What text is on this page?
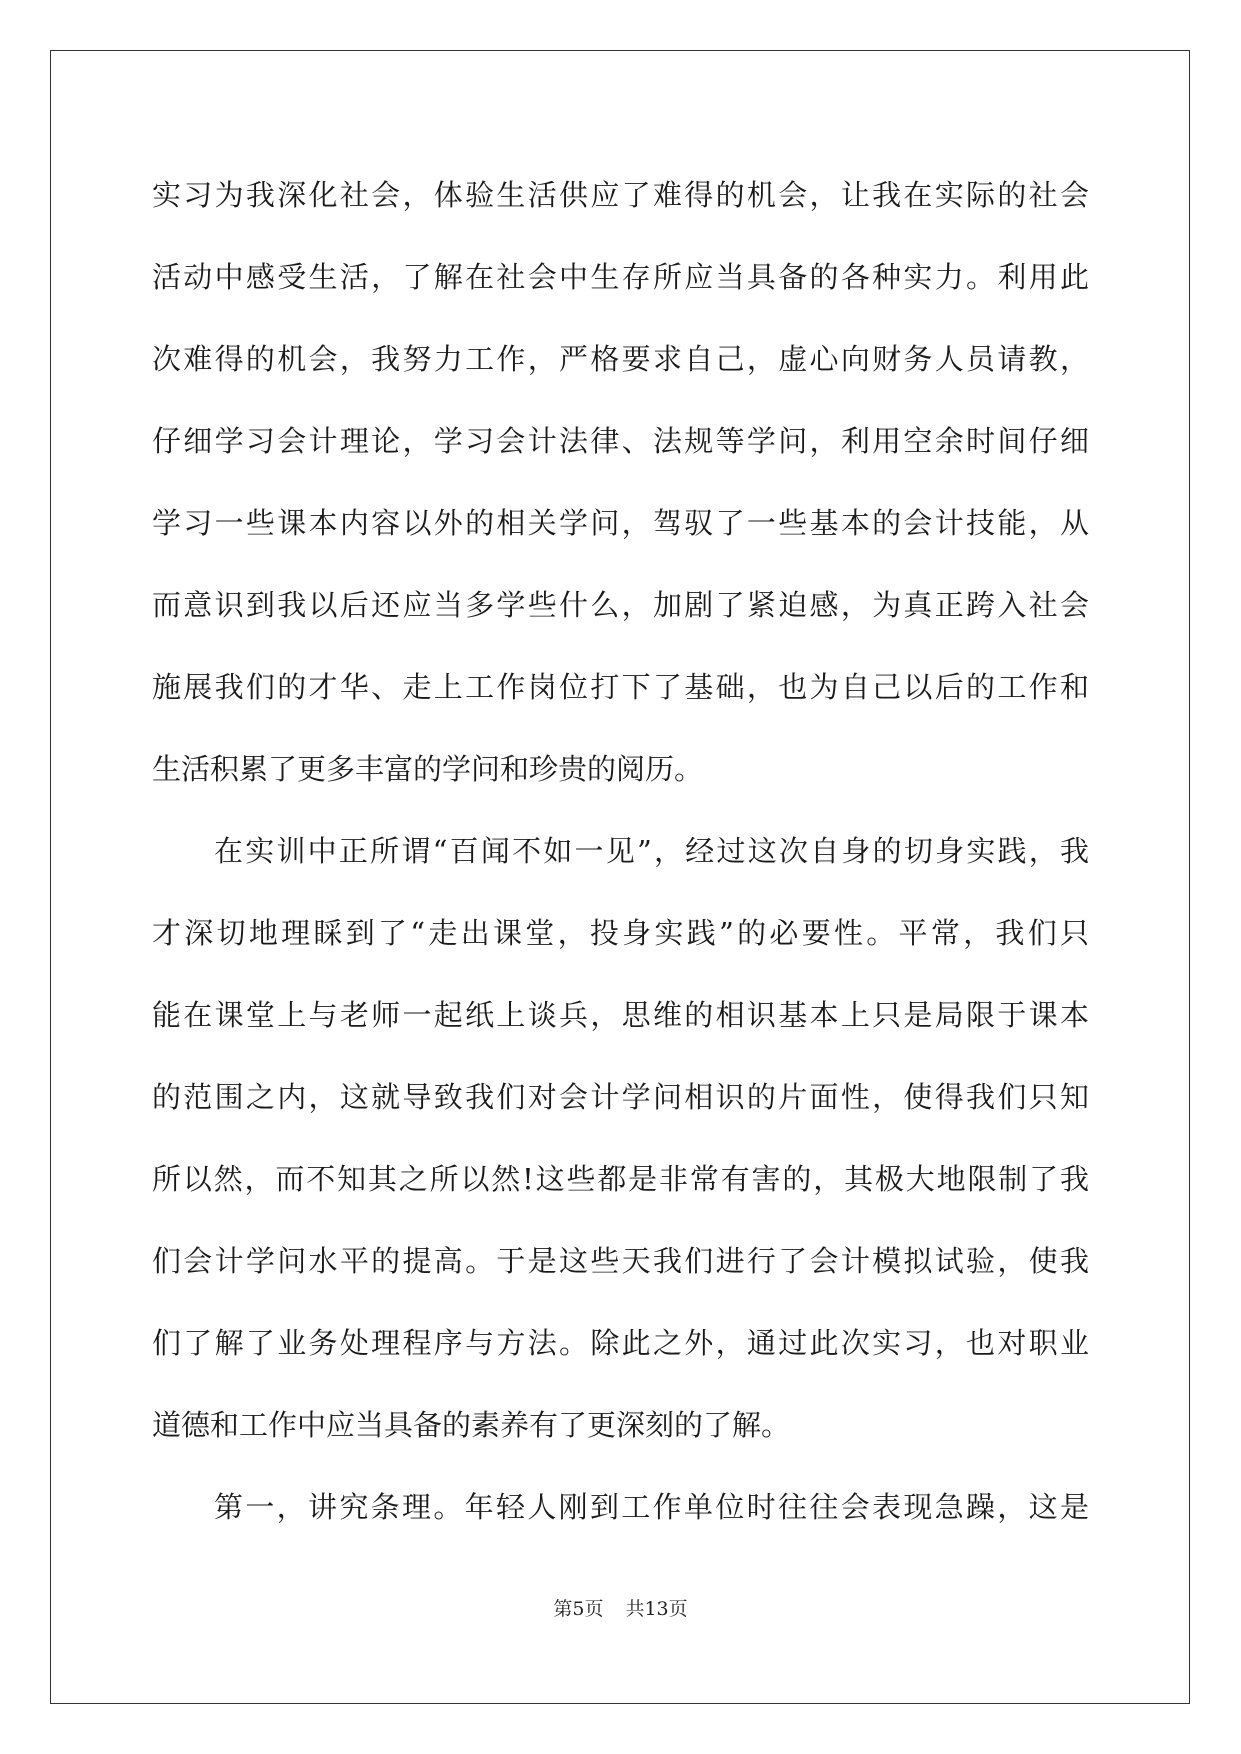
实习为我深化社会，体验生活供应了难得的机会，让我在实际的社会
活动中感受生活，了解在社会中生存所应当具备的各种实力。利用此
次难得的机会，我努力工作，严格要求自己，虚心向财务人员请教，
仔细学习会计理论，学习会计法律、法规等学问，利用空余时间仔细
学习一些课本内容以外的相关学问，驾驭了一些基本的会计技能，从
而意识到我以后还应当多学些什么，加剧了紧迫感，为真正跨入社会
施展我们的才华、走上工作岗位打下了基础，也为自己以后的工作和
生活积累了更多丰富的学问和珍贵的阅历。
在实训中正所谓“百闻不如一见”，经过这次自身的切身实践，我
才深切地理睬到了“走出课堂，投身实践”的必要性。平常，我们只
能在课堂上与老师一起纸上谈兵，思维的相识基本上只是局限于课本
的范围之内，这就导致我们对会计学问相识的片面性，使得我们只知
所以然，而不知其之所以然!这些都是非常有害的，其极大地限制了我
们会计学问水平的提高。于是这些天我们进行了会计模拟试验，使我
们了解了业务处理程序与方法。除此之外，通过此次实习，也对职业
道德和工作中应当具备的素养有了更深刻的了解。
第一，讲究条理。年轻人刚到工作单位时往往会表现急躁，这是
第5页 共13页
